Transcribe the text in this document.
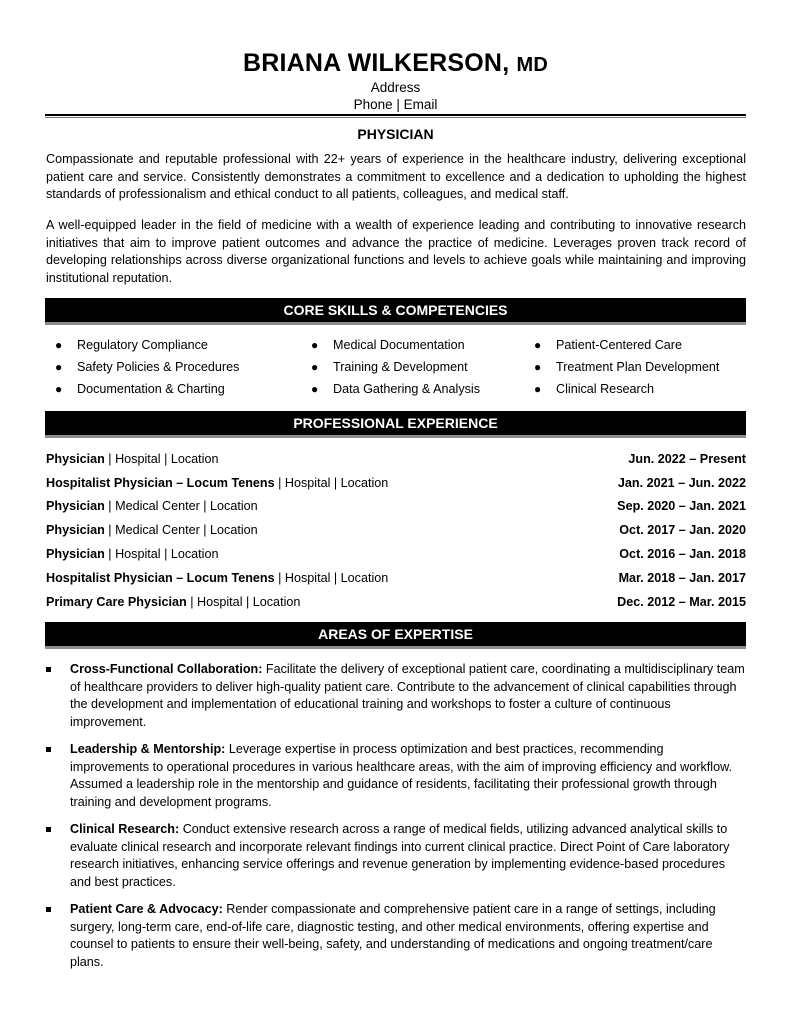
BRIANA WILKERSON, MD
Address
Phone | Email
PHYSICIAN
Compassionate and reputable professional with 22+ years of experience in the healthcare industry, delivering exceptional patient care and service. Consistently demonstrates a commitment to excellence and a dedication to upholding the highest standards of professionalism and ethical conduct to all patients, colleagues, and medical staff.
A well-equipped leader in the field of medicine with a wealth of experience leading and contributing to innovative research initiatives that aim to improve patient outcomes and advance the practice of medicine. Leverages proven track record of developing relationships across diverse organizational functions and levels to achieve goals while maintaining and improving institutional reputation.
CORE SKILLS & COMPETENCIES
● Regulatory Compliance	● Medical Documentation	● Patient-Centered Care
● Safety Policies & Procedures	● Training & Development	● Treatment Plan Development
● Documentation & Charting	● Data Gathering & Analysis	● Clinical Research
PROFESSIONAL EXPERIENCE
Physician | Hospital | Location	Jun. 2022 – Present
Hospitalist Physician – Locum Tenens | Hospital | Location	Jan. 2021 – Jun. 2022
Physician | Medical Center | Location	Sep. 2020 – Jan. 2021
Physician | Medical Center | Location	Oct. 2017 – Jan. 2020
Physician | Hospital | Location	Oct. 2016 – Jan. 2018
Hospitalist Physician – Locum Tenens | Hospital | Location	Mar. 2018 – Jan. 2017
Primary Care Physician | Hospital | Location	Dec. 2012 – Mar. 2015
AREAS OF EXPERTISE
Cross-Functional Collaboration: Facilitate the delivery of exceptional patient care, coordinating a multidisciplinary team of healthcare providers to deliver high-quality patient care. Contribute to the advancement of clinical capabilities through the development and implementation of educational training and workshops to foster a culture of continuous improvement.
Leadership & Mentorship: Leverage expertise in process optimization and best practices, recommending improvements to operational procedures in various healthcare areas, with the aim of improving efficiency and workflow. Assumed a leadership role in the mentorship and guidance of residents, facilitating their professional growth through training and development programs.
Clinical Research: Conduct extensive research across a range of medical fields, utilizing advanced analytical skills to evaluate clinical research and incorporate relevant findings into current clinical practice. Direct Point of Care laboratory research initiatives, enhancing service offerings and revenue generation by implementing evidence-based procedures and best practices.
Patient Care & Advocacy: Render compassionate and comprehensive patient care in a range of settings, including surgery, long-term care, end-of-life care, diagnostic testing, and other medical environments, offering expertise and counsel to patients to ensure their well-being, safety, and understanding of medications and ongoing treatment/care plans.
